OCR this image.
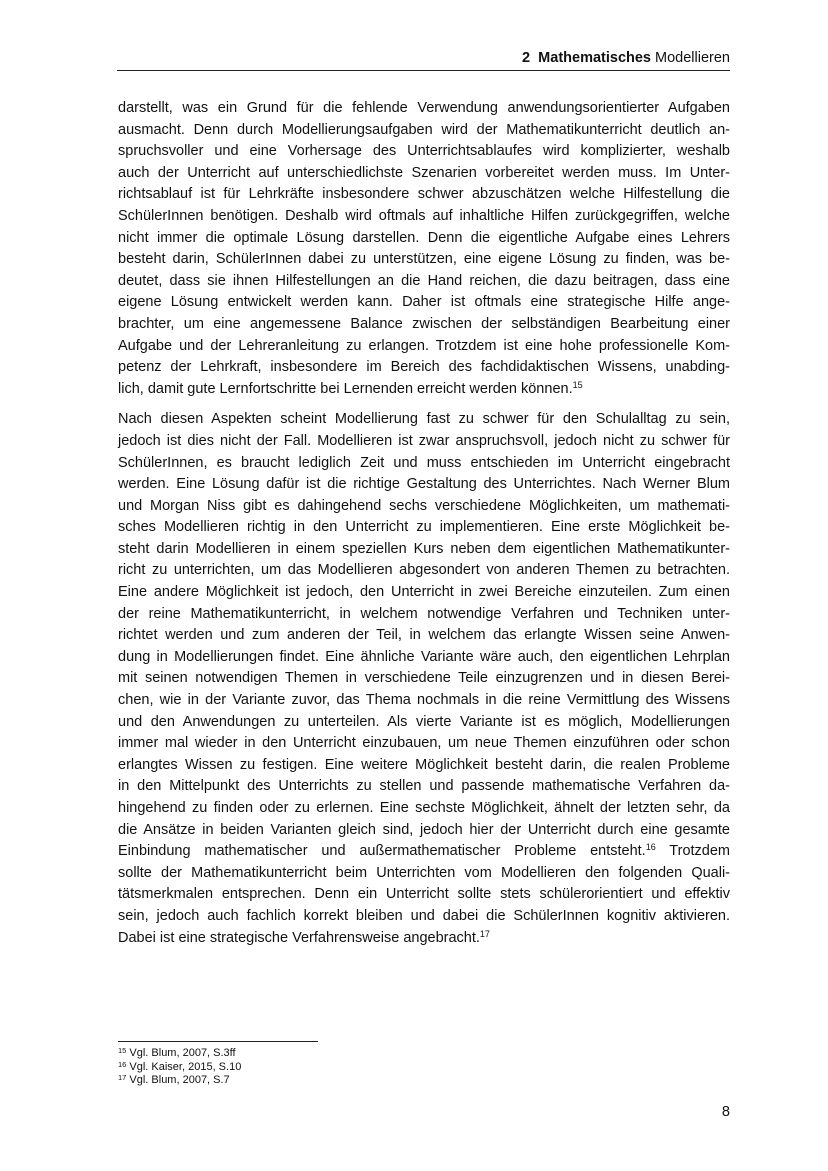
2 Mathematisches Modellieren

darstellt, was ein Grund für die fehlende Verwendung anwendungsorientierter Aufgaben
ausmacht. Denn durch Modellierungsaufgaben wird der Mathematikunterricht deutlich an-
spruchsvoller und eine Vorhersage des Unterrichtsablaufes wird komplizierter, weshalb
auch der Unterricht auf unterschiedlichste Szenarien vorbereitet werden muss. Im Unter-
richtsablauf ist für Lehrkräfte insbesondere schwer abzuschätzen welche Hilfestellung die
SchülerInnen benötigen. Deshalb wird oftmals auf inhaltliche Hilfen zurückgegriffen, welche
nicht immer die optimale Lösung darstellen. Denn die eigentliche Aufgabe eines Lehrers
besteht darin, SchülerInnen dabei zu unterstützen, eine eigene Lösung zu finden, was be-
deutet, dass sie ihnen Hilfestellungen an die Hand reichen, die dazu beitragen, dass eine
eigene Lösung entwickelt werden kann. Daher ist oftmals eine strategische Hilfe ange-
brachter, um eine angemessene Balance zwischen der selbständigen Bearbeitung einer
Aufgabe und der Lehreranleitung zu erlangen. Trotzdem ist eine hohe professionelle Kom-
petenz der Lehrkraft, insbesondere im Bereich des fachdidaktischen Wissens, unabding-
lich, damit gute Lernfortschritte bei Lernenden erreicht werden können.$^{15}$

Nach diesen Aspekten scheint Modellierung fast zu schwer für den Schulalltag zu sein,
jedoch ist dies nicht der Fall. Modellieren ist zwar anspruchsvoll, jedoch nicht zu schwer für
SchülerInnen, es braucht lediglich Zeit und muss entschieden im Unterricht eingebracht
werden. Eine Lösung dafür ist die richtige Gestaltung des Unterrichtes. Nach Werner Blum
und Morgan Niss gibt es dahingehend sechs verschiedene Möglichkeiten, um mathemati-
sches Modellieren richtig in den Unterricht zu implementieren. Eine erste Möglichkeit be-
steht darin Modellieren in einem speziellen Kurs neben dem eigentlichen Mathematikunter-
richt zu unterrichten, um das Modellieren abgesondert von anderen Themen zu betrachten.
Eine andere Möglichkeit ist jedoch, den Unterricht in zwei Bereiche einzuteilen. Zum einen
der reine Mathematikunterricht, in welchem notwendige Verfahren und Techniken unter-
richtet werden und zum anderen der Teil, in welchem das erlangte Wissen seine Anwen-
dung in Modellierungen findet. Eine ähnliche Variante wäre auch, den eigentlichen Lehrplan
mit seinen notwendigen Themen in verschiedene Teile einzugrenzen und in diesen Berei-
chen, wie in der Variante zuvor, das Thema nochmals in die reine Vermittlung des Wissens
und den Anwendungen zu unterteilen. Als vierte Variante ist es möglich, Modellierungen
immer mal wieder in den Unterricht einzubauen, um neue Themen einzuführen oder schon
erlangtes Wissen zu festigen. Eine weitere Möglichkeit besteht darin, die realen Probleme
in den Mittelpunkt des Unterrichts zu stellen und passende mathematische Verfahren da-
hingehend zu finden oder zu erlernen. Eine sechste Möglichkeit, ähnelt der letzten sehr, da
die Ansätze in beiden Varianten gleich sind, jedoch hier der Unterricht durch eine gesamte
Einbindung mathematischer und außermathematischer Probleme entsteht.$^{16}$ Trotzdem
sollte der Mathematikunterricht beim Unterrichten vom Modellieren den folgenden Quali-
tätsmerkmalen entsprechen. Denn ein Unterricht sollte stets schülerorientiert und effektiv
sein, jedoch auch fachlich korrekt bleiben und dabei die SchülerInnen kognitiv aktivieren.
Dabei ist eine strategische Verfahrensweise angebracht.$^{17}$

$^{15}$ Vgl. Blum, 2007, S.3ff
$^{16}$ Vgl. Kaiser, 2015, S.10
$^{17}$ Vgl. Blum, 2007, S.7
8
